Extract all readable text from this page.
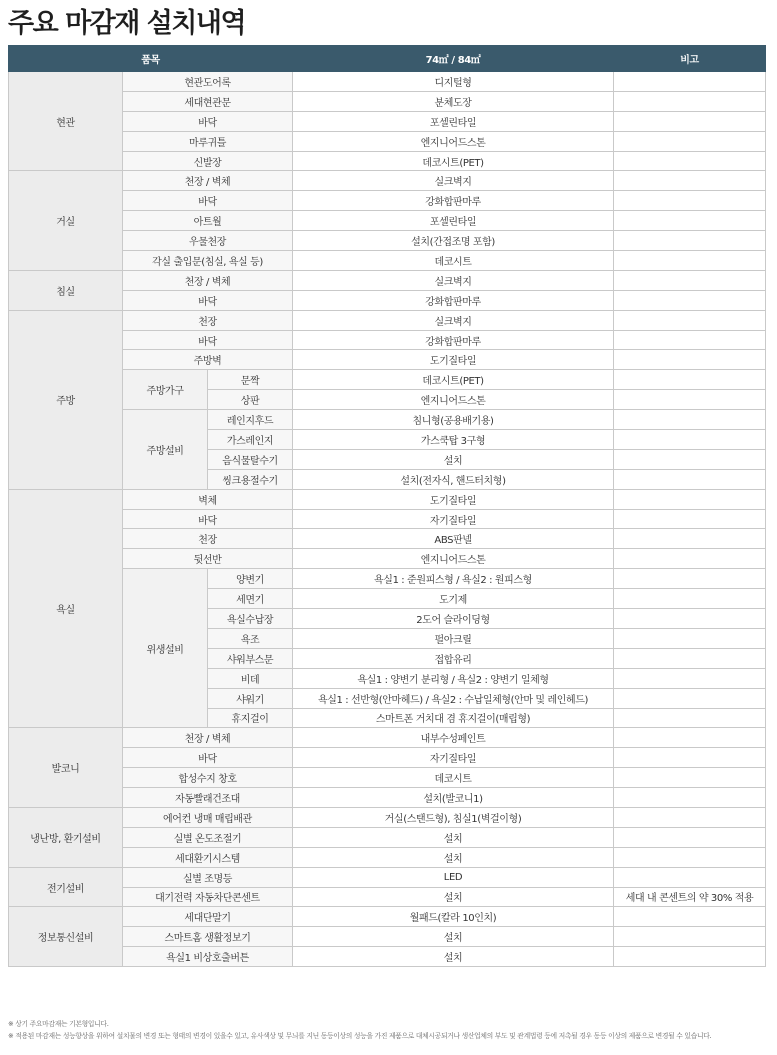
주요 마감재 설치내역
품목			74㎡ / 84㎡	비고
현관	현관도어록		디지털형	
	세대현관문		분체도장	
	바닥		포셀린타일	
	마루귀틀		엔지니어드스톤	
	신발장		데코시트(PET)	
거실	천장 / 벽체		실크벽지	
	바닥		강화합판마루	
	아트월		포셀린타일	
	우물천장		설치(간접조명 포함)	
	각실 출입문(침실, 욕실 등)		데코시트	
침실	천장 / 벽체		실크벽지	
	바닥		강화합판마루	
주방	천장		실크벽지	
	바닥		강화합판마루	
	주방벽		도기질타일	
	주방가구	문짝	데코시트(PET)	
		상판	엔지니어드스톤	
	주방설비	레인지후드	침니형(공용배기용)	
		가스레인지	가스쿡탑 3구형	
		음식물탈수기	설치	
		씽크용절수기	설치(전자식, 핸드터치형)	
욕실	벽체		도기질타일	
	바닥		자기질타일	
	천장		ABS판넬	
	뒷선반		엔지니어드스톤	
	위생설비	양변기	욕실1 : 준원피스형 / 욕실2 : 원피스형	
		세면기	도기제	
		욕실수납장	2도어 슬라이딩형	
		욕조	펄아크릴	
		샤워부스문	접합유리	
		비데	욕실1 : 양변기 분리형 / 욕실2 : 양변기 일체형	
		샤워기	욕실1 : 선반형(안마헤드) / 욕실2 : 수납일체형(안마 및 레인헤드)	
		휴지걸이	스마트폰 거치대 겸 휴지걸이(매립형)	
발코니	천장 / 벽체		내부수성페인트	
	바닥		자기질타일	
	합성수지 창호		데코시트	
	자동빨래건조대		설치(발코니1)	
냉난방, 환기설비	에어컨 냉매 매립배관		거실(스탠드형), 침실1(벽걸이형)	
	실별 온도조절기		설치	
	세대환기시스템		설치	
전기설비	실별 조명등		LED	
	대기전력 자동차단콘센트		설치	세대 내 콘센트의 약 30% 적용
정보통신설비	세대단말기		월패드(칼라 10인치)	
	스마트홈 생활정보기		설치	
	욕실1 비상호출버튼		설치	
※ 상기 주요마감재는 기본형입니다.
※ 적용된 마감재는 성능향상을 위하여 설치물의 변경 또는 형태의 변경이 있을수 있고, 유사색상 및 무늬를 지닌 동등이상의 성능을 가진 제품으로 대체시공되거나 생산업체의 부도 및 관계법령 등에 저촉될 경우 동등 이상의 제품으로 변경될 수 있습니다.
